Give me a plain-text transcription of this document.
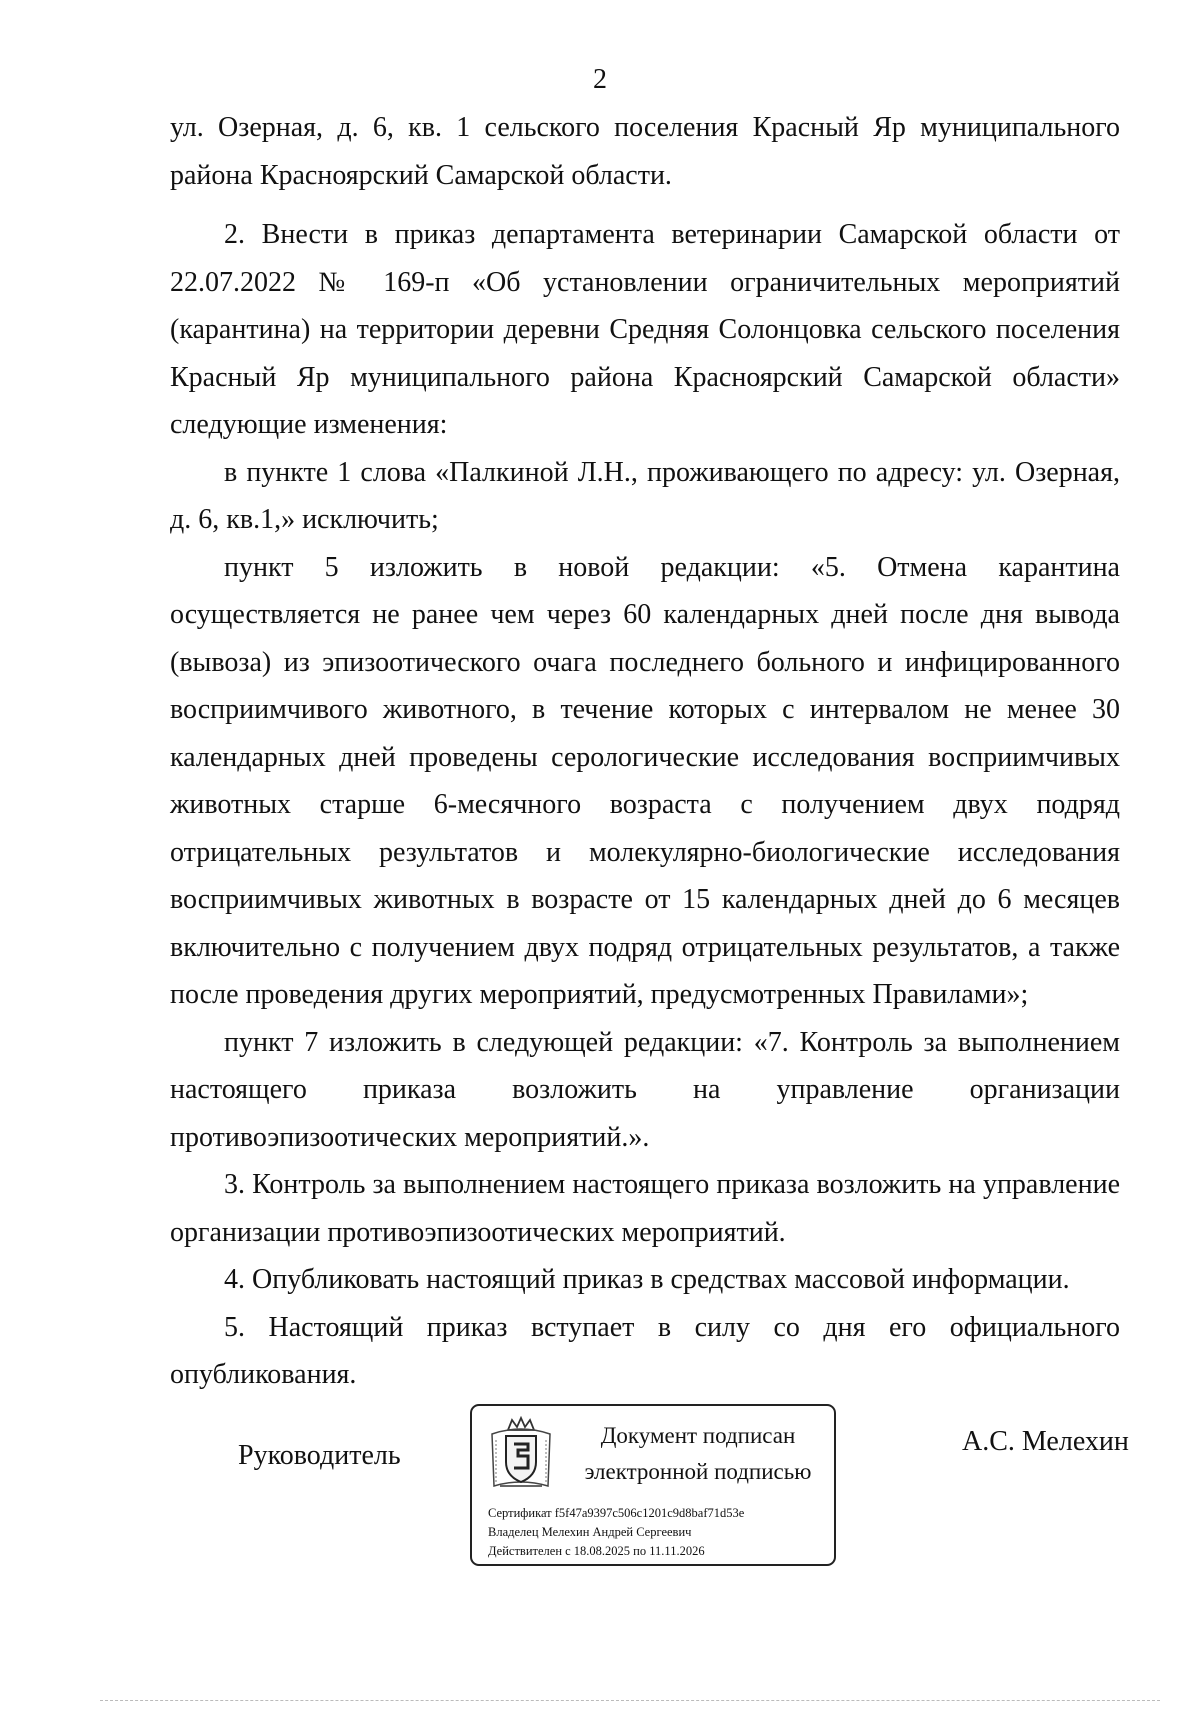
2

ул. Озерная, д. 6, кв. 1 сельского поселения Красный Яр муниципального района Красноярский Самарской области.

2. Внести в приказ департамента ветеринарии Самарской области от 22.07.2022 № 169-п «Об установлении ограничительных мероприятий (карантина) на территории деревни Средняя Солонцовка сельского поселения Красный Яр муниципального района Красноярский Самарской области» следующие изменения:

в пункте 1 слова «Палкиной Л.Н., проживающего по адресу: ул. Озерная, д. 6, кв.1,» исключить;

пункт 5 изложить в новой редакции: «5. Отмена карантина осуществляется не ранее чем через 60 календарных дней после дня вывода (вывоза) из эпизоотического очага последнего больного и инфицированного восприимчивого животного, в течение которых с интервалом не менее 30 календарных дней проведены серологические исследования восприимчивых животных старше 6-месячного возраста с получением двух подряд отрицательных результатов и молекулярно-биологические исследования восприимчивых животных в возрасте от 15 календарных дней до 6 месяцев включительно с получением двух подряд отрицательных результатов, а также после проведения других мероприятий, предусмотренных Правилами»;

пункт 7 изложить в следующей редакции: «7. Контроль за выполнением настоящего приказа возложить на управление организации противоэпизоотических мероприятий.».

3. Контроль за выполнением настоящего приказа возложить на управление организации противоэпизоотических мероприятий.

4. Опубликовать настоящий приказ в средствах массовой информации.

5. Настоящий приказ вступает в силу со дня его официального опубликования.

Руководитель
Документ подписан
электронной подписью
Сертификат f5f47a9397c506c1201c9d8baf71d53e
Владелец Мелехин Андрей Сергеевич
Действителен с 18.08.2025 по 11.11.2026
А.С. Мелехин
